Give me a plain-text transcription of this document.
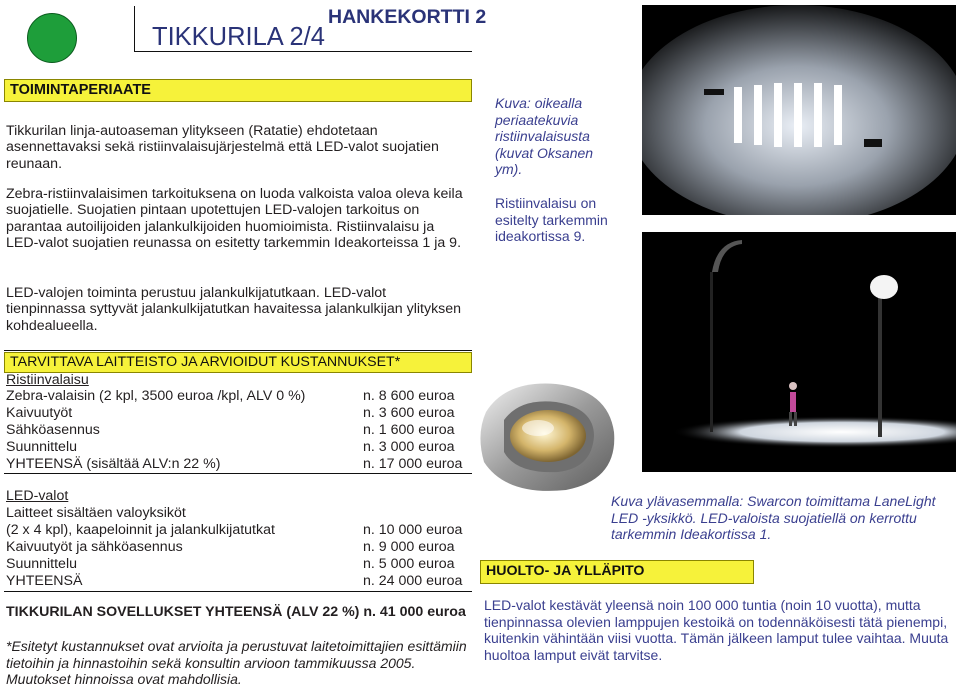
HANKEKORTTI 2
TIKKURILA 2/4
TOIMINTAPERIAATE
Tikkurilan linja-autoaseman ylitykseen (Ratatie) ehdotetaan asennettavaksi sekä ristiinvalaisujärjestelmä että LED-valot suojatien reunaan.
Zebra-ristiinvalaisimen tarkoituksena on luoda valkoista valoa oleva keila suojatielle. Suojatien pintaan upotettujen LED-valojen tarkoitus on parantaa autoilijoiden jalankulkijoiden huomioimista. Ristiinvalaisu ja LED-valot suojatien reunassa on esitetty tarkemmin Ideakorteissa 1 ja 9.
LED-valojen toiminta perustuu jalankulkijatutkaan. LED-valot tienpinnassa syttyvät jalankulkijatutkan havaitessa jalankulkijan ylityksen kohdealueella.
TARVITTAVA LAITTEISTO JA ARVIOIDUT KUSTANNUKSET*
Ristiinvalaisu
Zebra-valaisin (2 kpl, 3500 euroa /kpl, ALV 0 %)	n. 8 600 euroa
Kaivuutyöt	n. 3 600 euroa
Sähköasennus	n. 1 600 euroa
Suunnittelu	n. 3 000 euroa
YHTEENSÄ (sisältää ALV:n 22 %)	n. 17 000 euroa
LED-valot
Laitteet sisältäen valoyksiköt
(2 x 4 kpl), kaapeloinnit ja jalankulkijatutkat	n. 10 000 euroa
Kaivuutyöt ja sähköasennus	n. 9 000 euroa
Suunnittelu	n. 5 000 euroa
YHTEENSÄ	n. 24 000 euroa
TIKKURILAN SOVELLUKSET YHTEENSÄ (ALV 22 %) n. 41 000 euroa
*Esitetyt kustannukset ovat arvioita ja perustuvat laitetoimittajien esittämiin tietoihin ja hinnastoihin sekä konsultin arvioon tammikuussa 2005. Muutokset hinnoissa ovat mahdollisia.
Kuva: oikealla periaatekuvia ristiinvalaisusta (kuvat Oksanen ym).
Ristiinvalaisu on esitelty tarkemmin ideakortissa 9.
Kuva ylävasemmalla: Swarcon toimittama LaneLight LED -yksikkö. LED-valoista suojatiellä on kerrottu tarkemmin Ideakortissa 1.
HUOLTO- JA YLLÄPITO
LED-valot kestävät yleensä noin 100 000 tuntia (noin 10 vuotta), mutta tienpinnassa olevien lamppujen kestoikä on todennäköisesti tätä pienempi, kuitenkin vähintään viisi vuotta. Tämän jälkeen lamput tulee vaihtaa. Muuta huoltoa lamput eivät tarvitse.
